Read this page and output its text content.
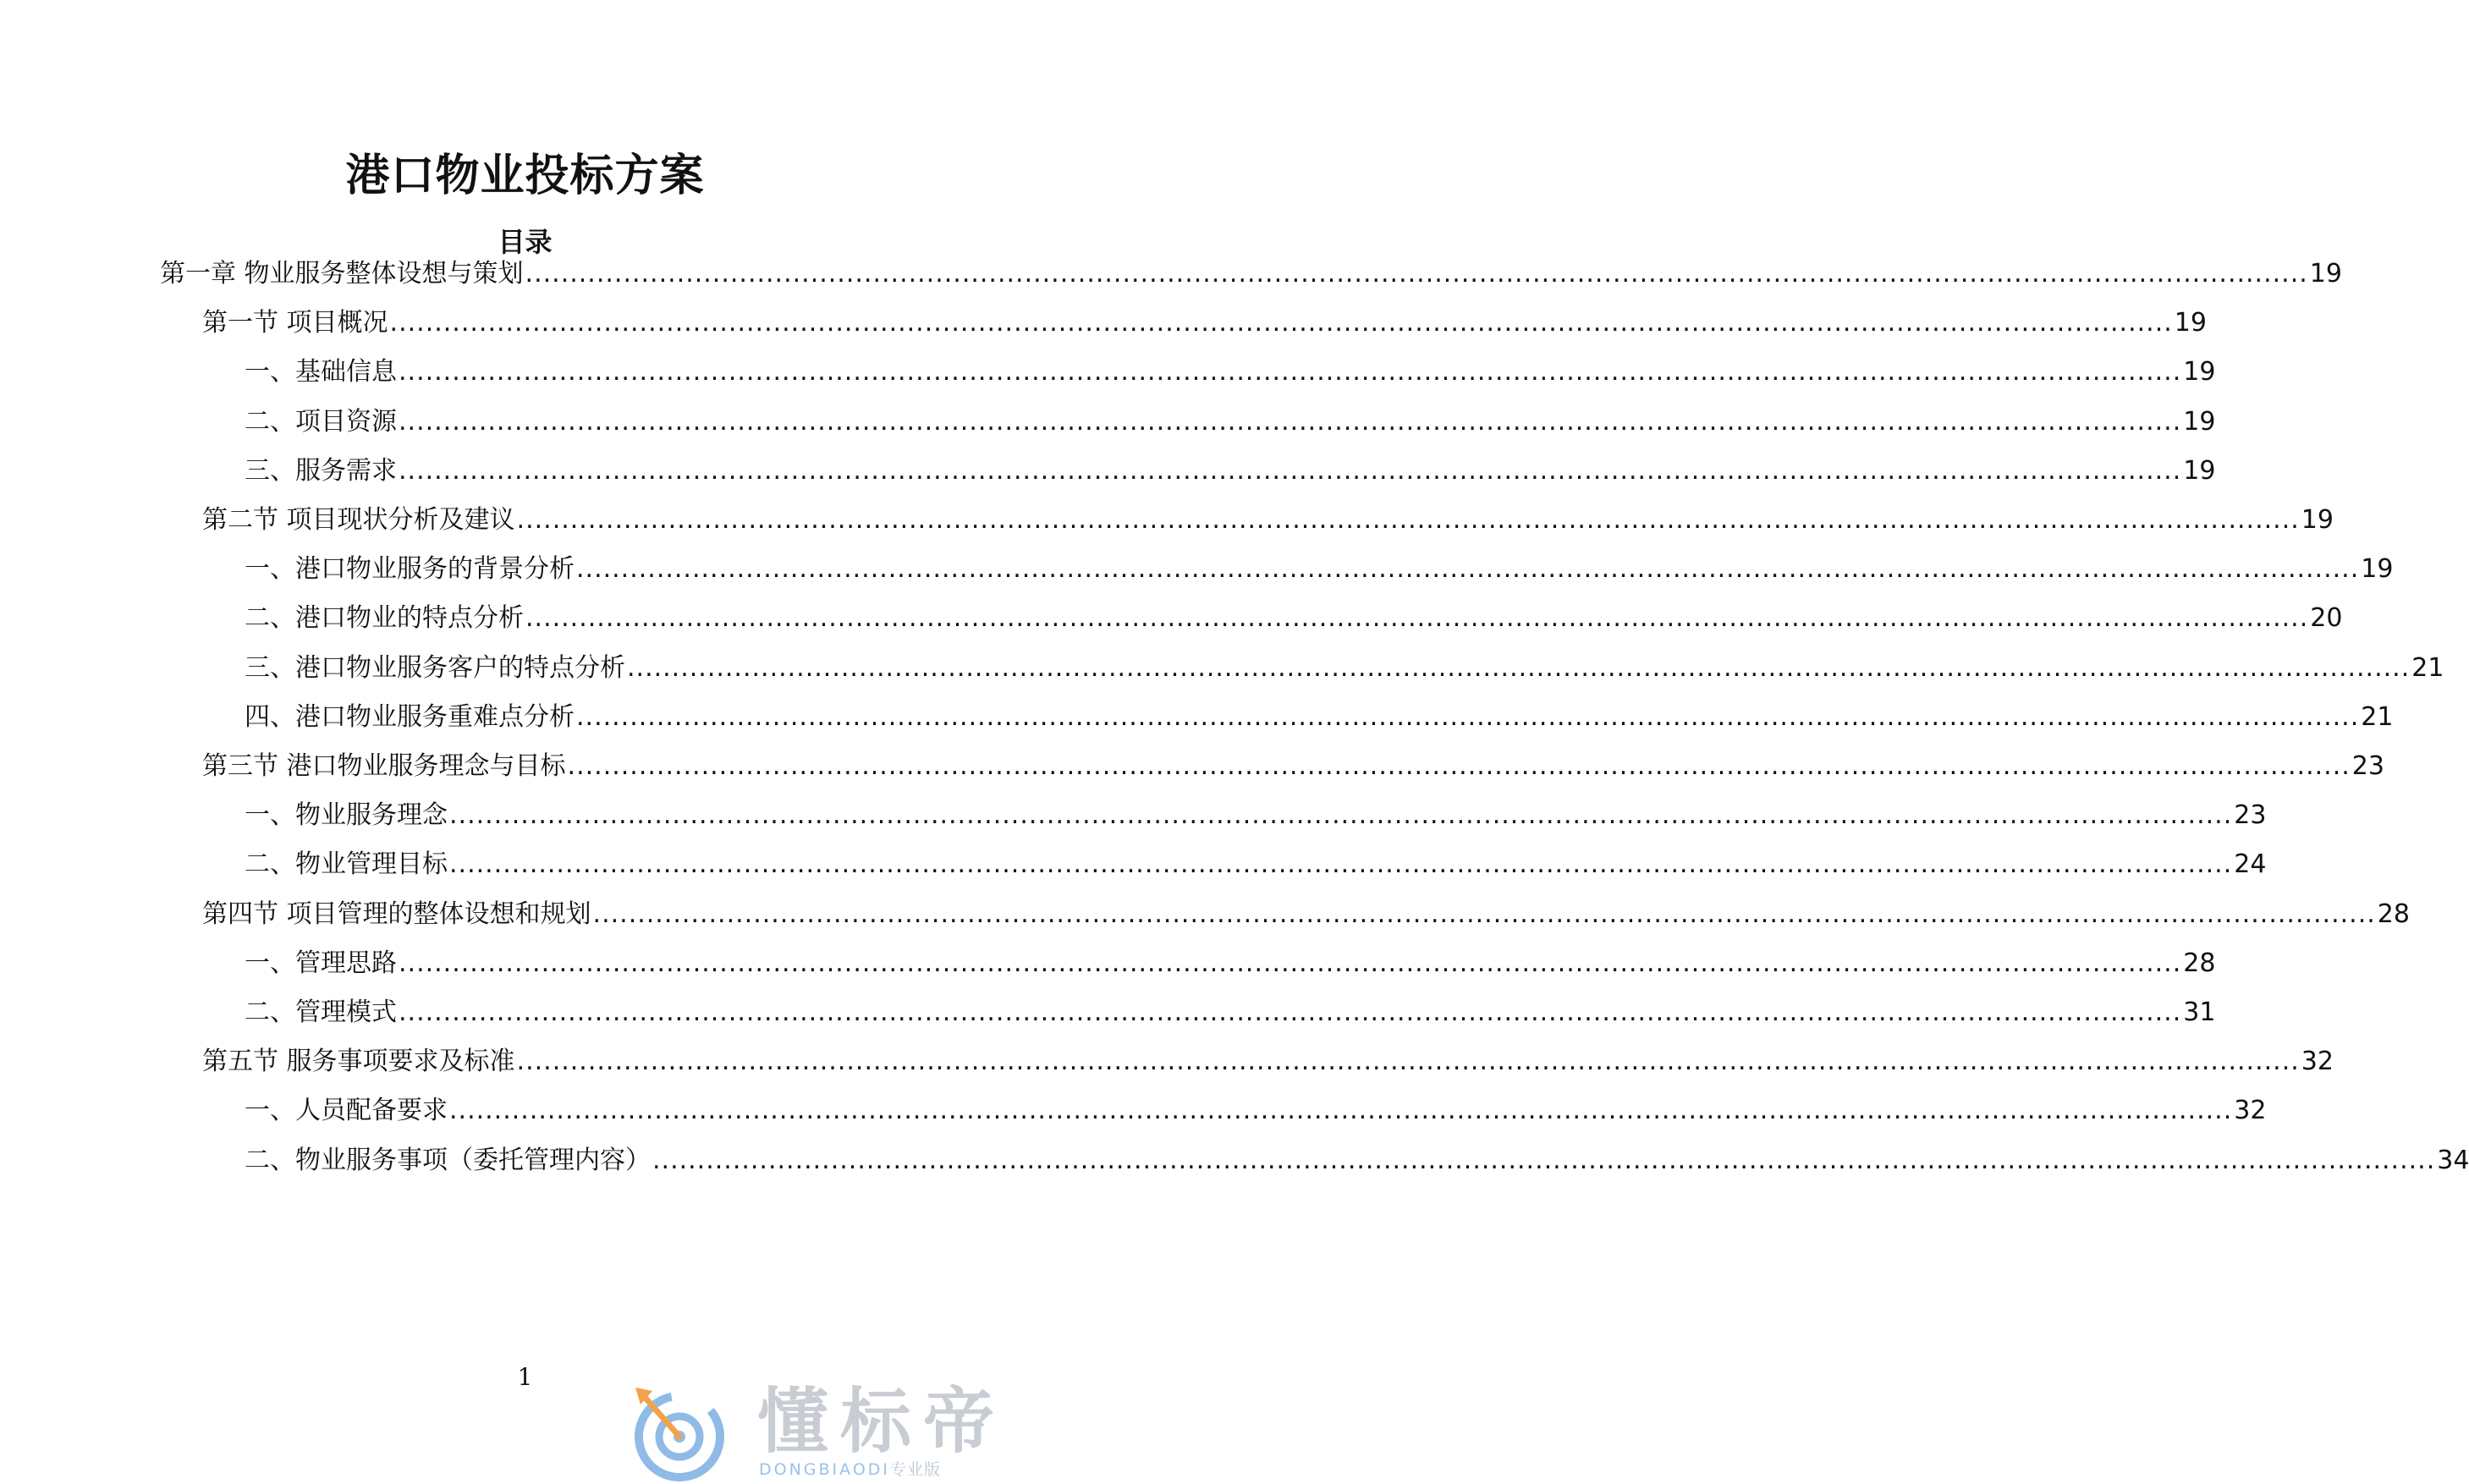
港口物业投标方案
目录
第一章 物业服务整体设想与策划 ........................................................................................................................................................................................................ 19
第一节 项目概况 ........................................................................................................................................................................................................ 19
一、基础信息 ........................................................................................................................................................................................................ 19
二、项目资源 ........................................................................................................................................................................................................ 19
三、服务需求 ........................................................................................................................................................................................................ 19
第二节 项目现状分析及建议 ........................................................................................................................................................................................................ 19
一、港口物业服务的背景分析 ........................................................................................................................................................................................................ 19
二、港口物业的特点分析 ........................................................................................................................................................................................................ 20
三、港口物业服务客户的特点分析 ........................................................................................................................................................................................................ 21
四、港口物业服务重难点分析 ........................................................................................................................................................................................................ 21
第三节 港口物业服务理念与目标 ........................................................................................................................................................................................................ 23
一、物业服务理念 ........................................................................................................................................................................................................ 23
二、物业管理目标 ........................................................................................................................................................................................................ 24
第四节 项目管理的整体设想和规划 ........................................................................................................................................................................................................ 28
一、管理思路 ........................................................................................................................................................................................................ 28
二、管理模式 ........................................................................................................................................................................................................ 31
第五节 服务事项要求及标准 ........................................................................................................................................................................................................ 32
一、人员配备要求 ........................................................................................................................................................................................................ 32
二、物业服务事项（委托管理内容） ........................................................................................................................................................................................................ 34
1
懂标帝
DONGBIAODI专业版
